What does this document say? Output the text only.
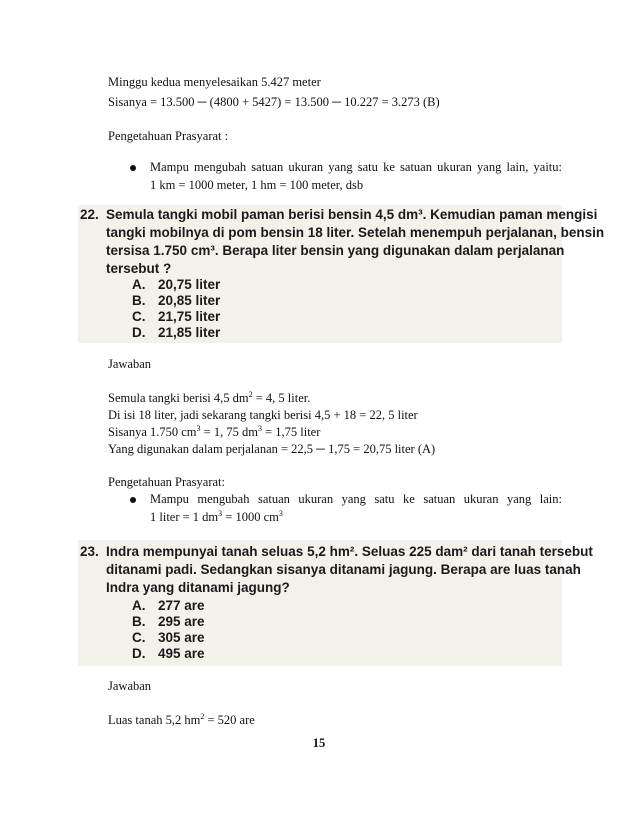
Minggu kedua menyelesaikan 5.427 meter
Sisanya = 13.500 ─ (4800 + 5427) = 13.500 ─ 10.227 = 3.273 (B)
Pengetahuan Prasyarat :
Mampu mengubah satuan ukuran yang satu ke satuan ukuran yang lain, yaitu:
1 km = 1000 meter, 1 hm = 100 meter, dsb
22. Semula tangki mobil paman berisi bensin 4,5 dm³. Kemudian paman mengisi
tangki mobilnya di pom bensin 18 liter. Setelah menempuh perjalanan, bensin
tersisa 1.750 cm³. Berapa liter bensin yang digunakan dalam perjalanan
tersebut ?
A. 20,75 liter
B. 20,85 liter
C. 21,75 liter
D. 21,85 liter
Jawaban
Semula tangki berisi 4,5 $dm^2 = 4$, 5 liter.
Di isi 18 liter, jadi sekarang tangki berisi 4,5 + 18 = 22, 5 liter
Sisanya 1.750 $cm^3 = 1$, 75 $dm^3 = 1,75$ liter
Yang digunakan dalam perjalanan = 22,5 ─ 1,75 = 20,75 liter (A)
Pengetahuan Prasyarat:
Mampu mengubah satuan ukuran yang satu ke satuan ukuran yang lain:
1 liter = 1 $dm^3 = 1000$ $cm^3$
23. Indra mempunyai tanah seluas 5,2 hm². Seluas 225 dam² dari tanah tersebut
ditanami padi. Sedangkan sisanya ditanami jagung. Berapa are luas tanah
Indra yang ditanami jagung?
A. 277 are
B. 295 are
C. 305 are
D. 495 are
Jawaban
Luas tanah 5,2 $hm^2 = 520$ are
15
